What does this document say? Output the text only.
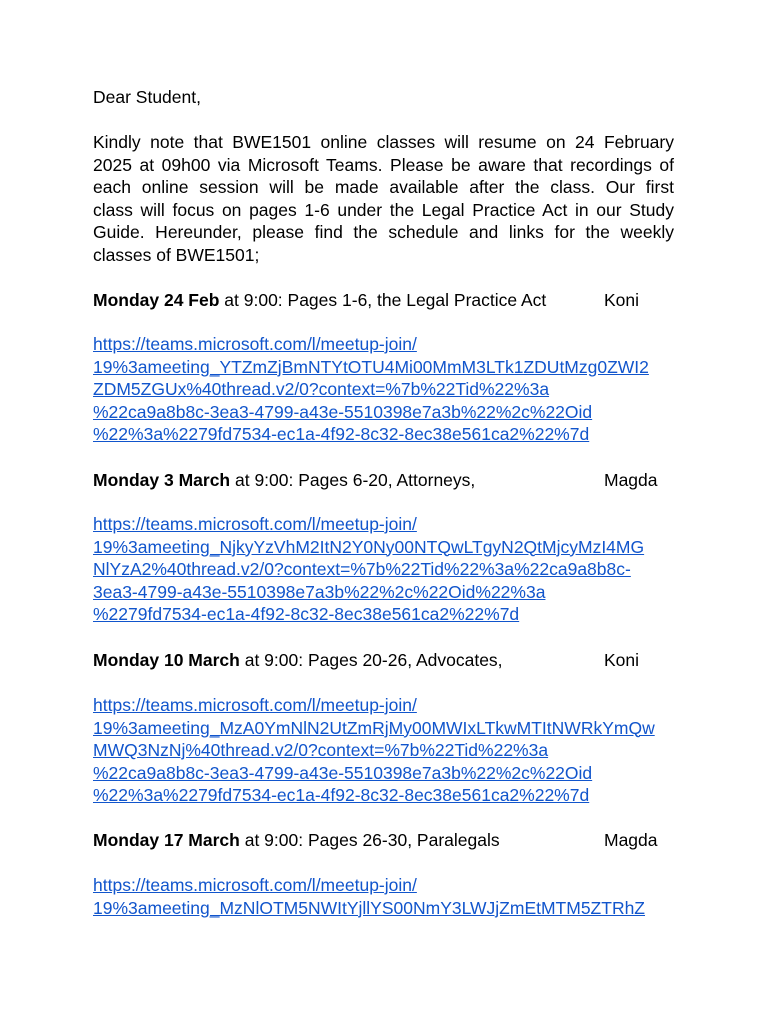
Dear Student,
Kindly note that BWE1501 online classes will resume on 24 February
2025 at 09h00 via Microsoft Teams. Please be aware that recordings of
each online session will be made available after the class. Our first
class will focus on pages 1-6 under the Legal Practice Act in our Study
Guide. Hereunder, please find the schedule and links for the weekly
classes of BWE1501;
Monday 24 Feb at 9:00: Pages 1-6, the Legal Practice Act	Koni
https://teams.microsoft.com/l/meetup-join/
19%3ameeting_YTZmZjBmNTYtOTU4Mi00MmM3LTk1ZDUtMzg0ZWI2
ZDM5ZGUx%40thread.v2/0?context=%7b%22Tid%22%3a
%22ca9a8b8c-3ea3-4799-a43e-5510398e7a3b%22%2c%22Oid
%22%3a%2279fd7534-ec1a-4f92-8c32-8ec38e561ca2%22%7d
Monday 3 March at 9:00: Pages 6-20, Attorneys,	Magda
https://teams.microsoft.com/l/meetup-join/
19%3ameeting_NjkyYzVhM2ItN2Y0Ny00NTQwLTgyN2QtMjcyMzI4MG
NlYzA2%40thread.v2/0?context=%7b%22Tid%22%3a%22ca9a8b8c-
3ea3-4799-a43e-5510398e7a3b%22%2c%22Oid%22%3a
%2279fd7534-ec1a-4f92-8c32-8ec38e561ca2%22%7d
Monday 10 March at 9:00: Pages 20-26, Advocates,	Koni
https://teams.microsoft.com/l/meetup-join/
19%3ameeting_MzA0YmNlN2UtZmRjMy00MWIxLTkwMTItNWRkYmQw
MWQ3NzNj%40thread.v2/0?context=%7b%22Tid%22%3a
%22ca9a8b8c-3ea3-4799-a43e-5510398e7a3b%22%2c%22Oid
%22%3a%2279fd7534-ec1a-4f92-8c32-8ec38e561ca2%22%7d
Monday 17 March at 9:00: Pages 26-30, Paralegals	Magda
https://teams.microsoft.com/l/meetup-join/
19%3ameeting_MzNlOTM5NWItYjllYS00NmY3LWJjZmEtMTM5ZTRhZ
